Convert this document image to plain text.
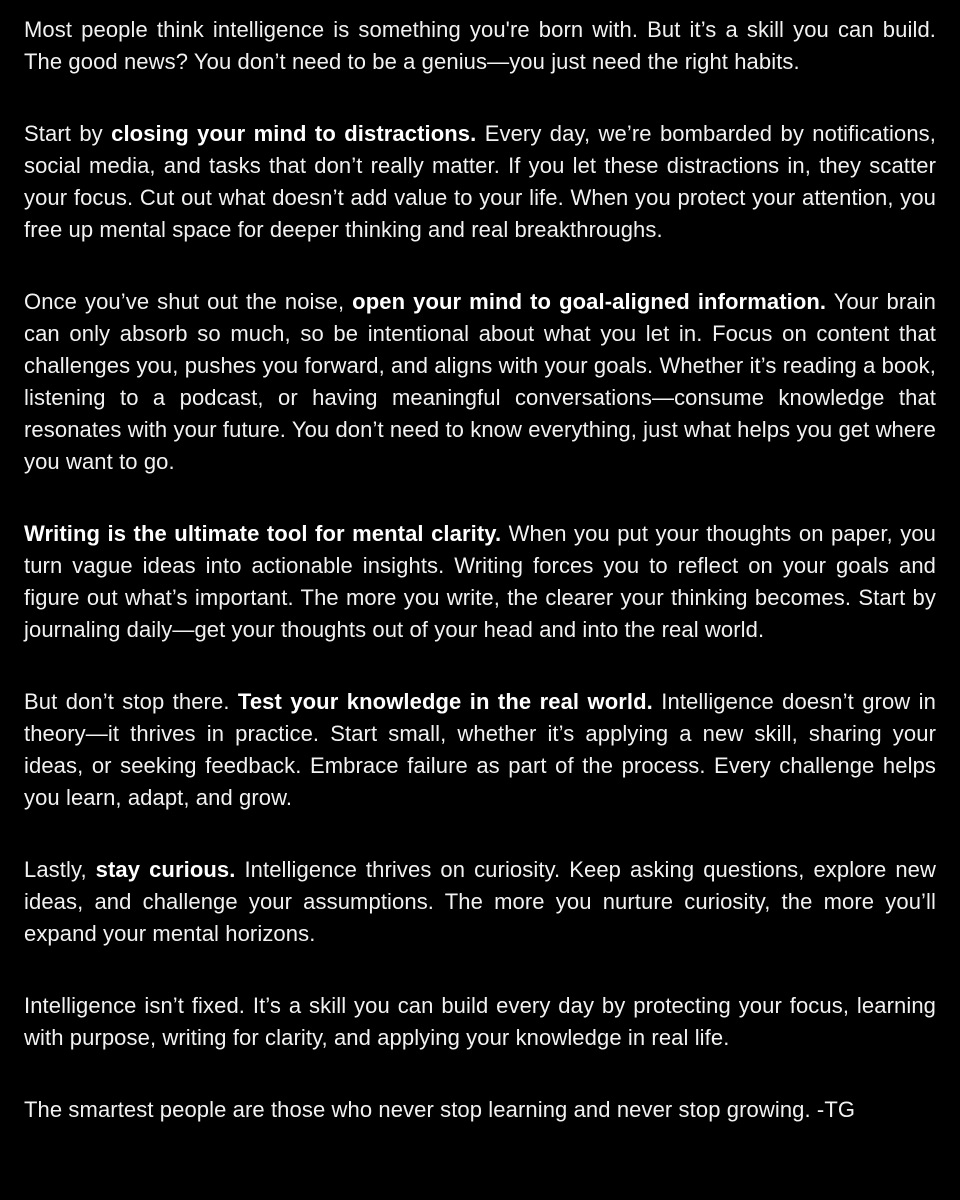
Most people think intelligence is something you're born with. But it’s a skill you can build. The good news? You don’t need to be a genius—you just need the right habits.

Start by closing your mind to distractions. Every day, we’re bombarded by notifications, social media, and tasks that don’t really matter. If you let these distractions in, they scatter your focus. Cut out what doesn’t add value to your life. When you protect your attention, you free up mental space for deeper thinking and real breakthroughs.

Once you’ve shut out the noise, open your mind to goal-aligned information. Your brain can only absorb so much, so be intentional about what you let in. Focus on content that challenges you, pushes you forward, and aligns with your goals. Whether it’s reading a book, listening to a podcast, or having meaningful conversations—consume knowledge that resonates with your future. You don’t need to know everything, just what helps you get where you want to go.

Writing is the ultimate tool for mental clarity. When you put your thoughts on paper, you turn vague ideas into actionable insights. Writing forces you to reflect on your goals and figure out what’s important. The more you write, the clearer your thinking becomes. Start by journaling daily—get your thoughts out of your head and into the real world.

But don’t stop there. Test your knowledge in the real world. Intelligence doesn’t grow in theory—it thrives in practice. Start small, whether it’s applying a new skill, sharing your ideas, or seeking feedback. Embrace failure as part of the process. Every challenge helps you learn, adapt, and grow.

Lastly, stay curious. Intelligence thrives on curiosity. Keep asking questions, explore new ideas, and challenge your assumptions. The more you nurture curiosity, the more you’ll expand your mental horizons.

Intelligence isn’t fixed. It’s a skill you can build every day by protecting your focus, learning with purpose, writing for clarity, and applying your knowledge in real life.

The smartest people are those who never stop learning and never stop growing. -TG
